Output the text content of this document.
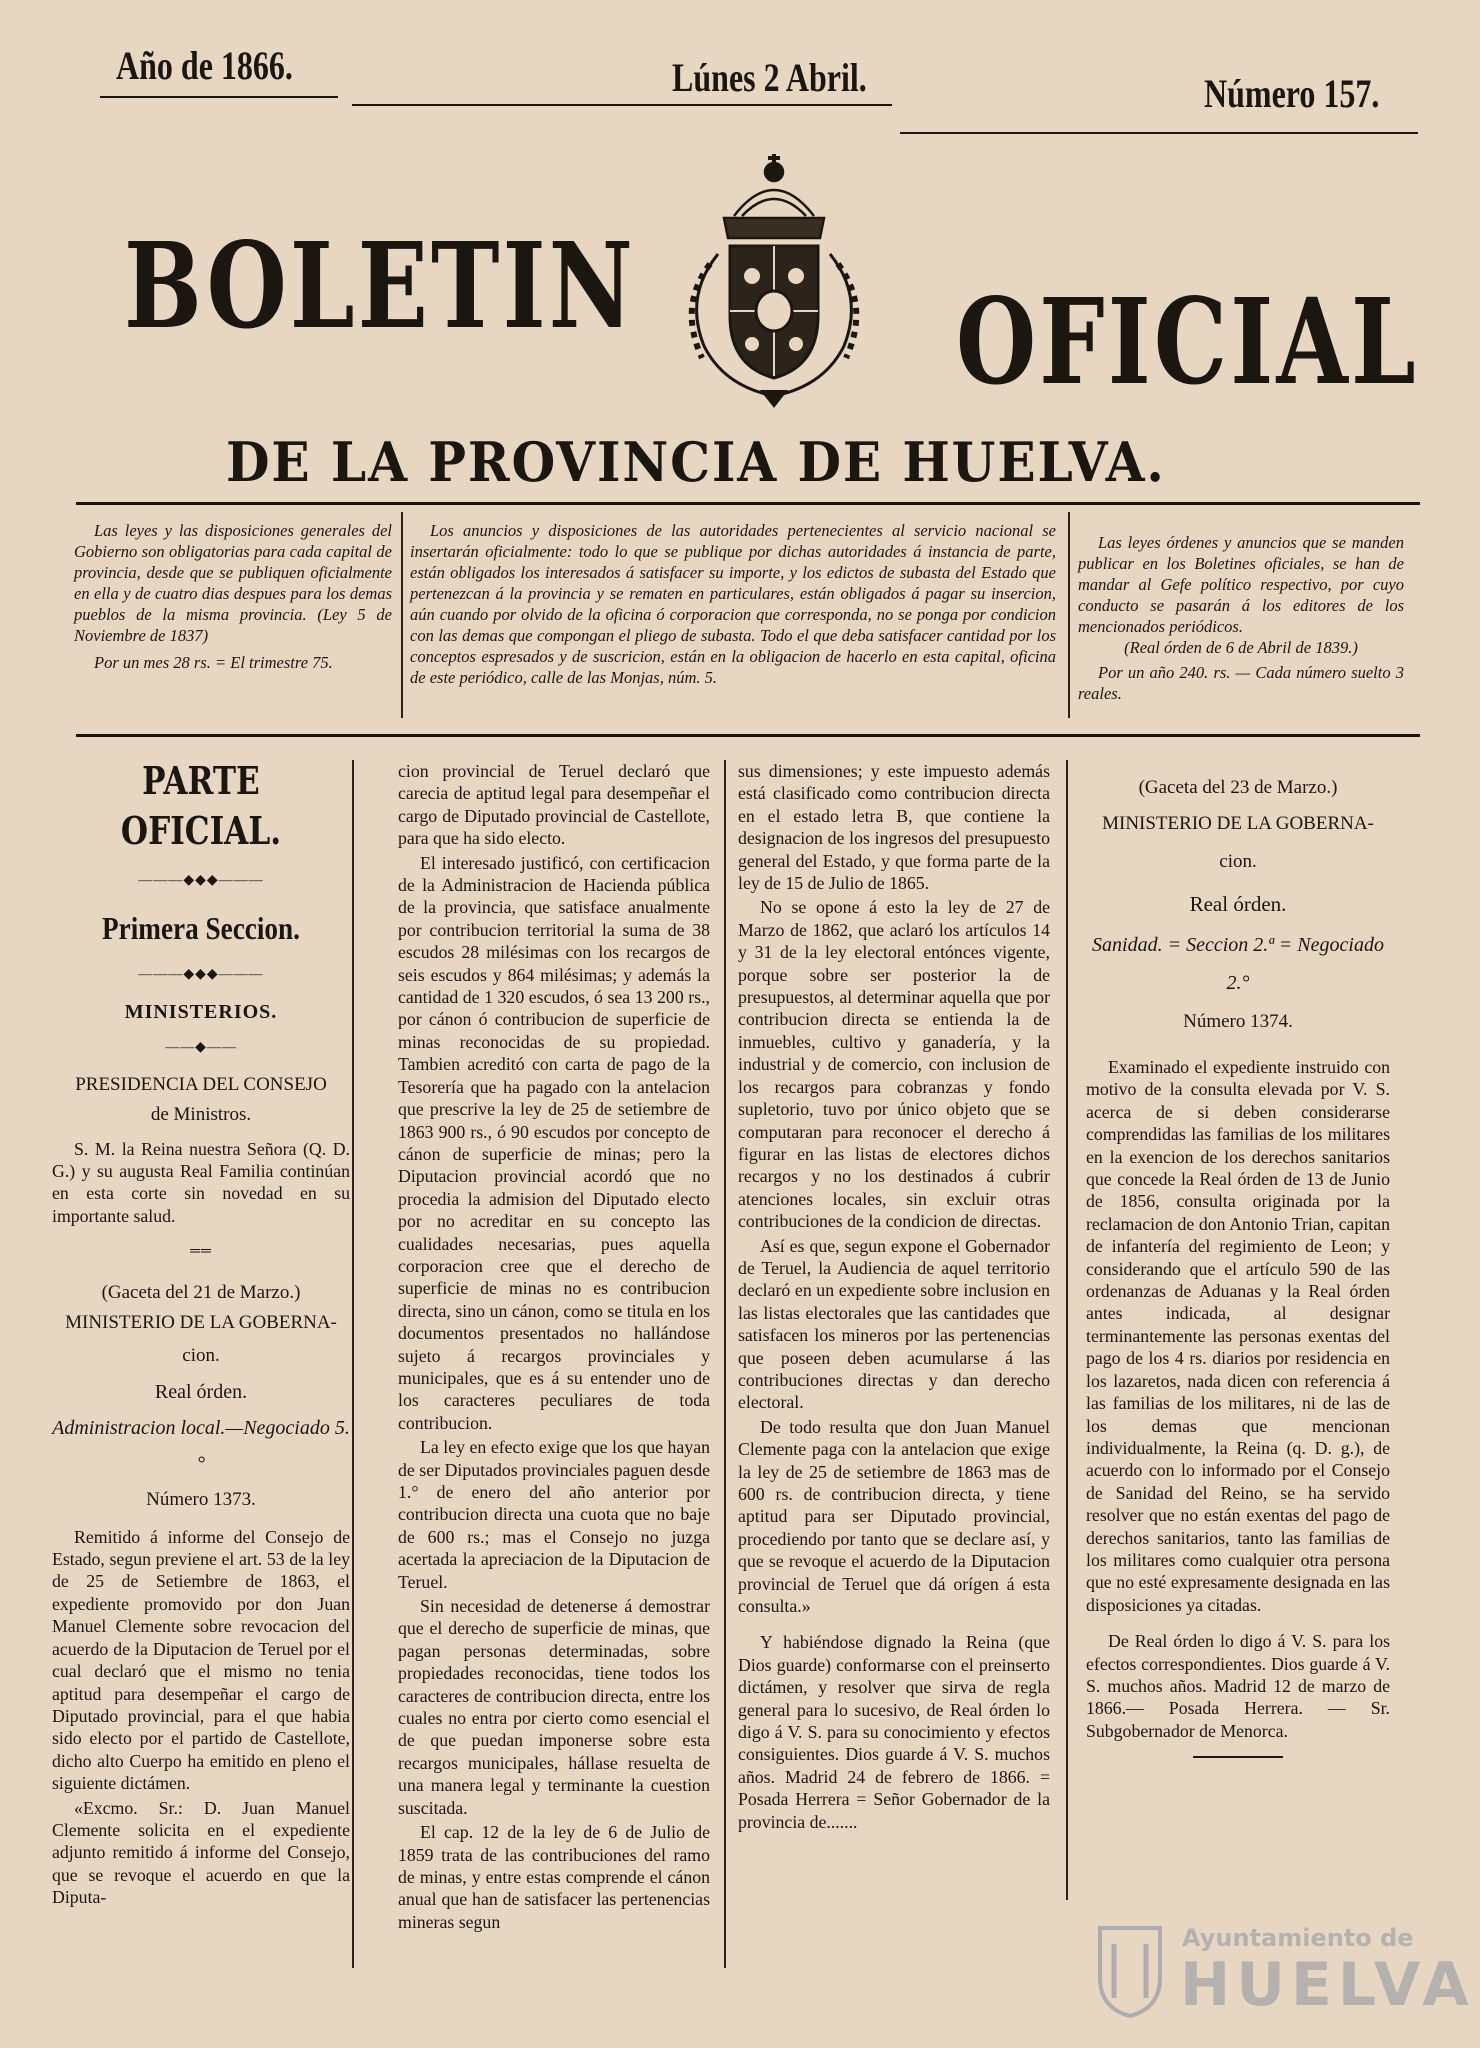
Año de 1866.	Lúnes 2 Abril.	Número 157.
BOLETIN	OFICIAL
DE LA PROVINCIA DE HUELVA.

Las leyes y las disposiciones generales del Gobierno son obligatorias para cada capital de provincia, desde que se publiquen oficialmente en ella y de cuatro dias despues para los demas pueblos de la misma provincia. (Ley 5 de Noviembre de 1837)

Por un mes 28 rs. = El trimestre 75.

Los anuncios y disposiciones de las autoridades pertenecientes al servicio nacional se insertarán oficialmente: todo lo que se publique por dichas autoridades á instancia de parte, están obligados los interesados á satisfacer su importe, y los edictos de subasta del Estado que pertenezcan á la provincia y se rematen en particulares, están obligados á pagar su insercion, aún cuando por olvido de la oficina ó corporacion que corresponda, no se ponga por condicion con las demas que compongan el pliego de subasta. Todo el que deba satisfacer cantidad por los conceptos espresados y de suscricion, están en la obligacion de hacerlo en esta capital, oficina de este periódico, calle de las Monjas, núm. 5.

Las leyes órdenes y anuncios que se manden publicar en los Boletines oficiales, se han de mandar al Gefe político respectivo, por cuyo conducto se pasarán á los editores de los mencionados periódicos.

(Real órden de 6 de Abril de 1839.)

Por un año 240. rs. — Cada número suelto 3 reales.

PARTE OFICIAL.
———◆◆◆———
Primera Seccion.
———◆◆◆———
MINISTERIOS.
——◆——
PRESIDENCIA DEL CONSEJO
de Ministros.

S. M. la Reina nuestra Señora (Q. D. G.) y su augusta Real Familia continúan en esta corte sin novedad en su importante salud.

══
(Gaceta del 21 de Marzo.)
MINISTERIO DE LA GOBERNA-
cion.
Real órden.
Administracion local.—Negociado 5.°
Número 1373.

Remitido á informe del Consejo de Estado, segun previene el art. 53 de la ley de 25 de Setiembre de 1863, el expediente promovido por don Juan Manuel Clemente sobre revocacion del acuerdo de la Diputacion de Teruel por el cual declaró que el mismo no tenia aptitud para desempeñar el cargo de Diputado provincial, para el que habia sido electo por el partido de Castellote, dicho alto Cuerpo ha emitido en pleno el siguiente dictámen.

«Excmo. Sr.: D. Juan Manuel Clemente solicita en el expediente adjunto remitido á informe del Consejo, que se revoque el acuerdo en que la Diputa-

cion provincial de Teruel declaró que carecia de aptitud legal para desempeñar el cargo de Diputado provincial de Castellote, para que ha sido electo.

El interesado justificó, con certificacion de la Administracion de Hacienda pública de la provincia, que satisface anualmente por contribucion territorial la suma de 38 escudos 28 milésimas con los recargos de seis escudos y 864 milésimas; y además la cantidad de 1 320 escudos, ó sea 13 200 rs., por cánon ó contribucion de superficie de minas reconocidas de su propiedad. Tambien acreditó con carta de pago de la Tesorería que ha pagado con la antelacion que prescrive la ley de 25 de setiembre de 1863 900 rs., ó 90 escudos por concepto de cánon de superficie de minas; pero la Diputacion provincial acordó que no procedia la admision del Diputado electo por no acreditar en su concepto las cualidades necesarias, pues aquella corporacion cree que el derecho de superficie de minas no es contribucion directa, sino un cánon, como se titula en los documentos presentados no hallándose sujeto á recargos provinciales y municipales, que es á su entender uno de los caracteres peculiares de toda contribucion.

La ley en efecto exige que los que hayan de ser Diputados provinciales paguen desde 1.° de enero del año anterior por contribucion directa una cuota que no baje de 600 rs.; mas el Consejo no juzga acertada la apreciacion de la Diputacion de Teruel.

Sin necesidad de detenerse á demostrar que el derecho de superficie de minas, que pagan personas determinadas, sobre propiedades reconocidas, tiene todos los caracteres de contribucion directa, entre los cuales no entra por cierto como esencial el de que puedan imponerse sobre esta recargos municipales, hállase resuelta de una manera legal y terminante la cuestion suscitada.

El cap. 12 de la ley de 6 de Julio de 1859 trata de las contribuciones del ramo de minas, y entre estas comprende el cánon anual que han de satisfacer las pertenencias mineras segun

sus dimensiones; y este impuesto además está clasificado como contribucion directa en el estado letra B, que contiene la designacion de los ingresos del presupuesto general del Estado, y que forma parte de la ley de 15 de Julio de 1865.

No se opone á esto la ley de 27 de Marzo de 1862, que aclaró los artículos 14 y 31 de la ley electoral entónces vigente, porque sobre ser posterior la de presupuestos, al determinar aquella que por contribucion directa se entienda la de inmuebles, cultivo y ganadería, y la industrial y de comercio, con inclusion de los recargos para cobranzas y fondo supletorio, tuvo por único objeto que se computaran para reconocer el derecho á figurar en las listas de electores dichos recargos y no los destinados á cubrir atenciones locales, sin excluir otras contribuciones de la condicion de directas.

Así es que, segun expone el Gobernador de Teruel, la Audiencia de aquel territorio declaró en un expediente sobre inclusion en las listas electorales que las cantidades que satisfacen los mineros por las pertenencias que poseen deben acumularse á las contribuciones directas y dan derecho electoral.

De todo resulta que don Juan Manuel Clemente paga con la antelacion que exige la ley de 25 de setiembre de 1863 mas de 600 rs. de contribucion directa, y tiene aptitud para ser Diputado provincial, procediendo por tanto que se declare así, y que se revoque el acuerdo de la Diputacion provincial de Teruel que dá orígen á esta consulta.»

Y habiéndose dignado la Reina (que Dios guarde) conformarse con el preinserto dictámen, y resolver que sirva de regla general para lo sucesivo, de Real órden lo digo á V. S. para su conocimiento y efectos consiguientes. Dios guarde á V. S. muchos años. Madrid 24 de febrero de 1866. = Posada Herrera = Señor Gobernador de la provincia de.......

(Gaceta del 23 de Marzo.)
MINISTERIO DE LA GOBERNA-
cion.
Real órden.
Sanidad. = Seccion 2.ª = Negociado 2.°
Número 1374.

Examinado el expediente instruido con motivo de la consulta elevada por V. S. acerca de si deben considerarse comprendidas las familias de los militares en la exencion de los derechos sanitarios que concede la Real órden de 13 de Junio de 1856, consulta originada por la reclamacion de don Antonio Trian, capitan de infantería del regimiento de Leon; y considerando que el artículo 590 de las ordenanzas de Aduanas y la Real órden antes indicada, al designar terminantemente las personas exentas del pago de los 4 rs. diarios por residencia en los lazaretos, nada dicen con referencia á las familias de los militares, ni de las de los demas que mencionan individualmente, la Reina (q. D. g.), de acuerdo con lo informado por el Consejo de Sanidad del Reino, se ha servido resolver que no están exentas del pago de derechos sanitarios, tanto las familias de los militares como cualquier otra persona que no esté expresamente designada en las disposiciones ya citadas.

De Real órden lo digo á V. S. para los efectos correspondientes. Dios guarde á V. S. muchos años. Madrid 12 de marzo de 1866.— Posada Herrera. — Sr. Subgobernador de Menorca.

Ayuntamiento de
HUELVA
